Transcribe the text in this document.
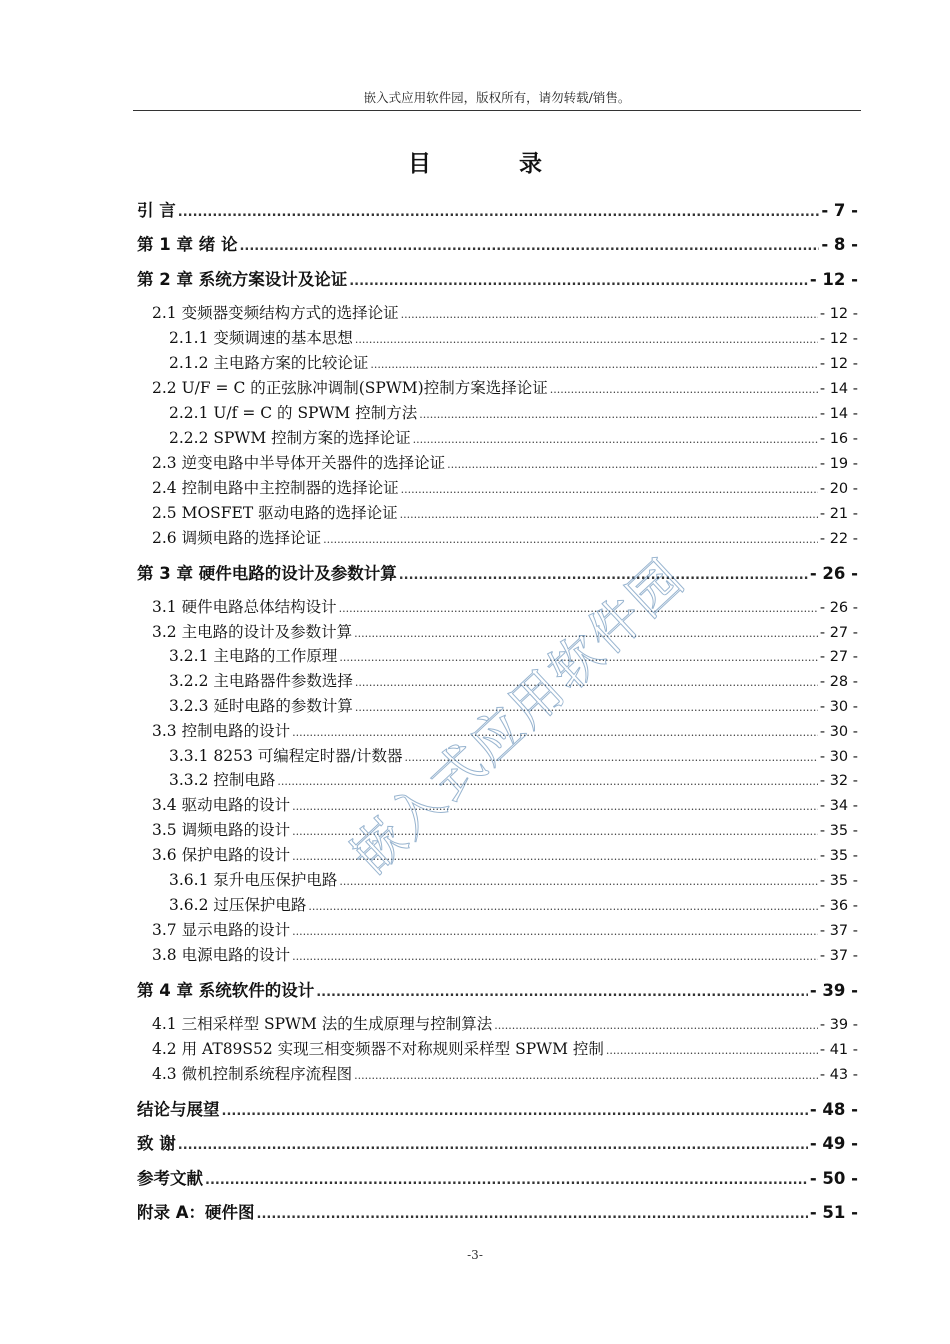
嵌入式应用软件园，版权所有，请勿转载/销售。
目 录
引 言 .....	- 7 -
第 1 章 绪 论 .....	- 8 -
第 2 章 系统方案设计及论证 .....	- 12 -
2.1 变频器变频结构方式的选择论证 .....	- 12 -
2.1.1 变频调速的基本思想 .....	- 12 -
2.1.2 主电路方案的比较论证 .....	- 12 -
2.2 U/F = C 的正弦脉冲调制(SPWM)控制方案选择论证 .....	- 14 -
2.2.1 U/f = C 的 SPWM 控制方法 .....	- 14 -
2.2.2 SPWM 控制方案的选择论证 .....	- 16 -
2.3 逆变电路中半导体开关器件的选择论证 .....	- 19 -
2.4 控制电路中主控制器的选择论证 .....	- 20 -
2.5 MOSFET 驱动电路的选择论证 .....	- 21 -
2.6 调频电路的选择论证 .....	- 22 -
第 3 章 硬件电路的设计及参数计算 .....	- 26 -
3.1 硬件电路总体结构设计 .....	- 26 -
3.2 主电路的设计及参数计算 .....	- 27 -
3.2.1 主电路的工作原理 .....	- 27 -
3.2.2 主电路器件参数选择 .....	- 28 -
3.2.3 延时电路的参数计算 .....	- 30 -
3.3 控制电路的设计 .....	- 30 -
3.3.1 8253 可编程定时器/计数器 .....	- 30 -
3.3.2 控制电路 .....	- 32 -
3.4 驱动电路的设计 .....	- 34 -
3.5 调频电路的设计 .....	- 35 -
3.6 保护电路的设计 .....	- 35 -
3.6.1 泵升电压保护电路 .....	- 35 -
3.6.2 过压保护电路 .....	- 36 -
3.7 显示电路的设计 .....	- 37 -
3.8 电源电路的设计 .....	- 37 -
第 4 章 系统软件的设计 .....	- 39 -
4.1 三相采样型 SPWM 法的生成原理与控制算法 .....	- 39 -
4.2 用 AT89S52 实现三相变频器不对称规则采样型 SPWM 控制 .....	- 41 -
4.3 微机控制系统程序流程图 .....	- 43 -
结论与展望 .....	- 48 -
致 谢 .....	- 49 -
参考文献 .....	- 50 -
附录 A：硬件图 .....	- 51 -
嵌入式应用软件园
-3-
